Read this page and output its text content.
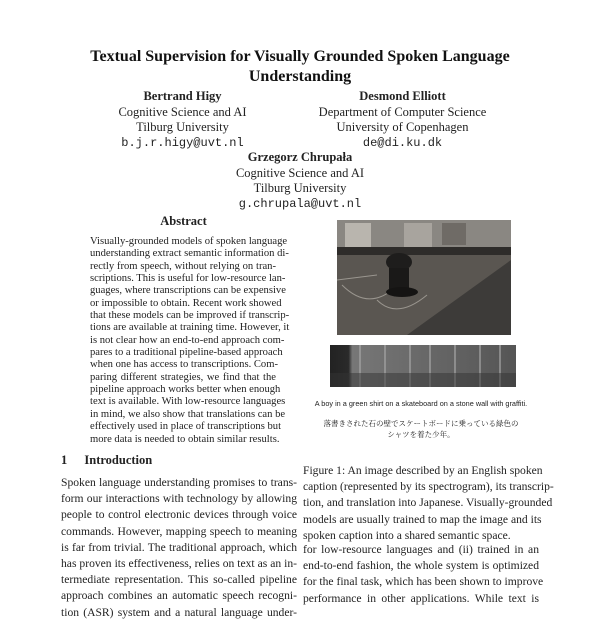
Textual Supervision for Visually Grounded Spoken Language
Understanding
Bertrand Higy
Cognitive Science and AI
Tilburg University
b.j.r.higy@uvt.nl
Desmond Elliott
Department of Computer Science
University of Copenhagen
de@di.ku.dk
Grzegorz Chrupała
Cognitive Science and AI
Tilburg University
g.chrupala@uvt.nl
Abstract
Visually-grounded models of spoken language
understanding extract semantic information di-
rectly from speech, without relying on tran-
scriptions. This is useful for low-resource lan-
guages, where transcriptions can be expensive
or impossible to obtain. Recent work showed
that these models can be improved if transcrip-
tions are available at training time. However, it
is not clear how an end-to-end approach com-
pares to a traditional pipeline-based approach
when one has access to transcriptions. Com-
paring different strategies, we find that the
pipeline approach works better when enough
text is available. With low-resource languages
in mind, we also show that translations can be
effectively used in place of transcriptions but
more data is needed to obtain similar results.
1 Introduction
Spoken language understanding promises to trans-
form our interactions with technology by allowing
people to control electronic devices through voice
commands. However, mapping speech to meaning
is far from trivial. The traditional approach, which
has proven its effectiveness, relies on text as an in-
termediate representation. This so-called pipeline
approach combines an automatic speech recogni-
tion (ASR) system and a natural language under-
A boy in a green shirt on a skateboard on a stone wall with graffiti.
落書きされた石の壁でスケートボードに乗っている緑色の
シャツを着た少年。
Figure 1: An image described by an English spoken
caption (represented by its spectrogram), its transcrip-
tion, and translation into Japanese. Visually-grounded
models are usually trained to map the image and its
spoken caption into a shared semantic space.
for low-resource languages and (ii) trained in an
end-to-end fashion, the whole system is optimized
for the final task, which has been shown to improve
performance in other applications. While text is
